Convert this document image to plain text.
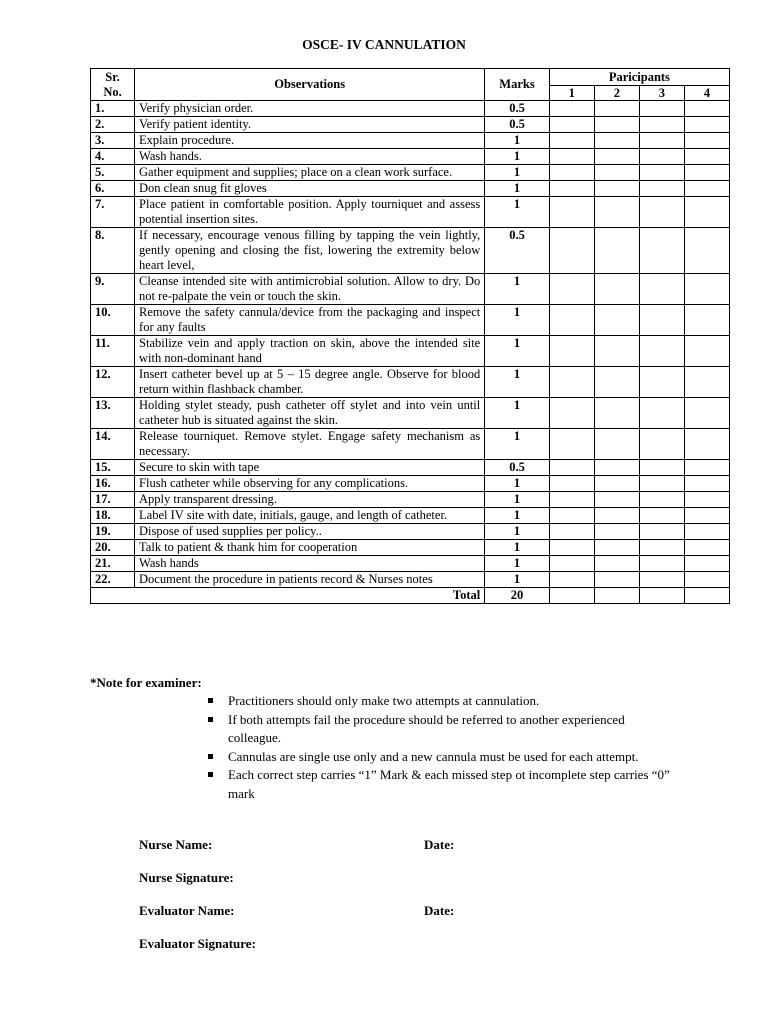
OSCE- IV CANNULATION
Sr.
No.	Observations	Marks	Paricipants			
			1	2	3	4
1.	Verify physician order.	0.5				
2.	Verify patient identity.	0.5				
3.	Explain procedure.	1				
4.	Wash hands.	1				
5.	Gather equipment and supplies; place on a clean work surface.	1				
6.	Don clean snug fit gloves	1				
7.	Place patient in comfortable position. Apply tourniquet and assess potential insertion sites.	1				
8.	If necessary, encourage venous filling by tapping the vein lightly, gently opening and closing the fist, lowering the extremity below heart level,	0.5				
9.	Cleanse intended site with antimicrobial solution. Allow to dry. Do not re-palpate the vein or touch the skin.	1				
10.	Remove the safety cannula/device from the packaging and inspect for any faults	1				
11.	Stabilize vein and apply traction on skin, above the intended site with non-dominant hand	1				
12.	Insert catheter bevel up at 5 – 15 degree angle. Observe for blood return within flashback chamber.	1				
13.	Holding stylet steady, push catheter off stylet and into vein until catheter hub is situated against the skin.	1				
14.	Release tourniquet. Remove stylet. Engage safety mechanism as necessary.	1				
15.	Secure to skin with tape	0.5				
16.	Flush catheter while observing for any complications.	1				
17.	Apply transparent dressing.	1				
18.	Label IV site with date, initials, gauge, and length of catheter.	1				
19.	Dispose of used supplies per policy..	1				
20.	Talk to patient & thank him for cooperation	1				
21.	Wash hands	1				
22.	Document the procedure in patients record & Nurses notes	1				
Total		20				
*Note for examiner:
Practitioners should only make two attempts at cannulation.
If both attempts fail the procedure should be referred to another experienced colleague.
Cannulas are single use only and a new cannula must be used for each attempt.
Each correct step carries “1” Mark & each missed step ot incomplete step carries “0” mark
Nurse Name:	Date:
Nurse Signature:
Evaluator Name:	Date:
Evaluator Signature:
